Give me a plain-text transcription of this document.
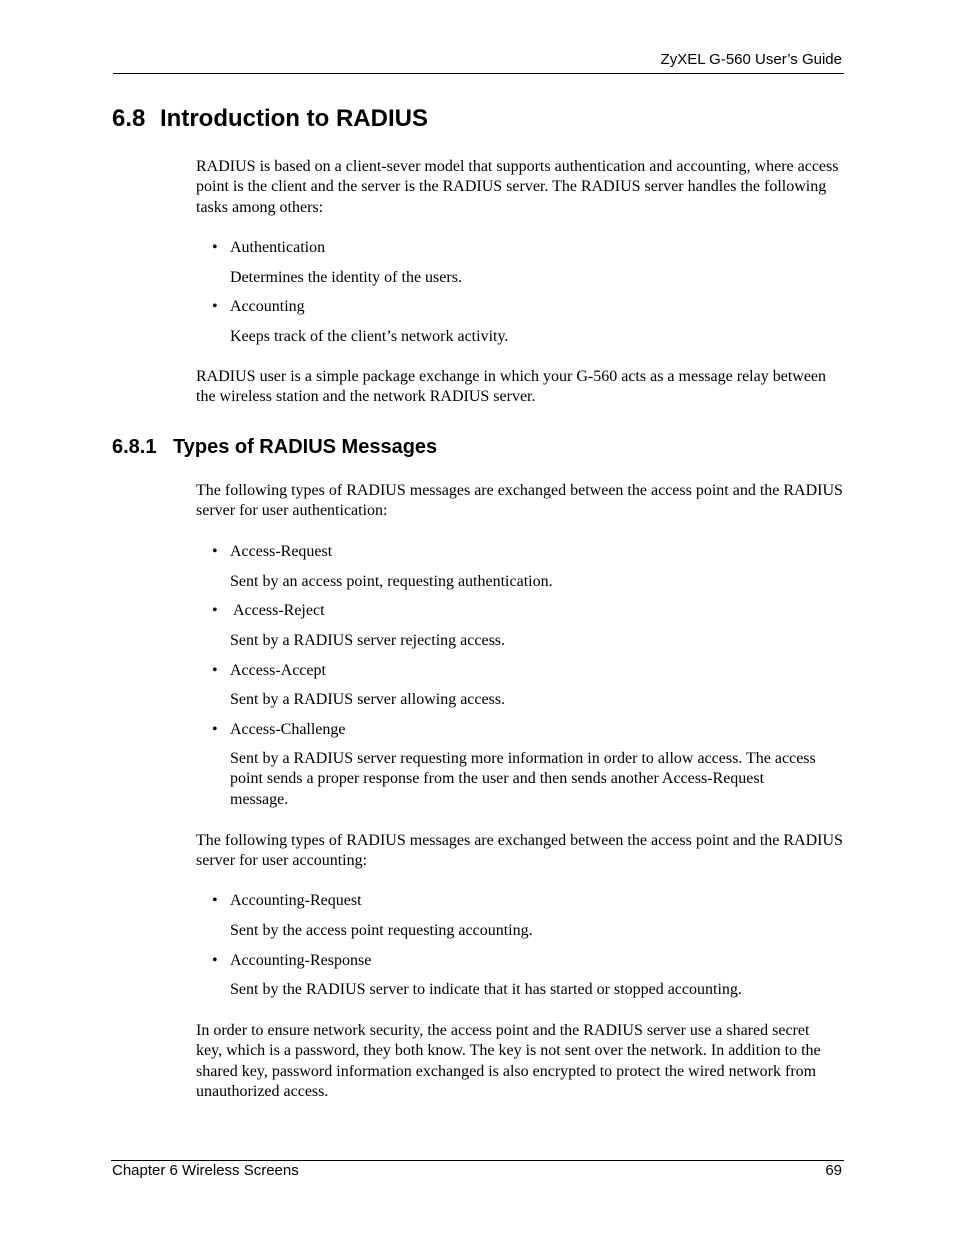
ZyXEL G-560 User’s Guide
6.8 Introduction to RADIUS

RADIUS is based on a client-sever model that supports authentication and accounting, where access point is the client and the server is the RADIUS server. The RADIUS server handles the following tasks among others:

• Authentication

Determines the identity of the users.

• Accounting

Keeps track of the client’s network activity.

RADIUS user is a simple package exchange in which your G-560 acts as a message relay between the wireless station and the network RADIUS server.

6.8.1 Types of RADIUS Messages

The following types of RADIUS messages are exchanged between the access point and the RADIUS server for user authentication:

• Access-Request

Sent by an access point, requesting authentication.

• Access-Reject

Sent by a RADIUS server rejecting access.

• Access-Accept

Sent by a RADIUS server allowing access.

• Access-Challenge

Sent by a RADIUS server requesting more information in order to allow access. The access point sends a proper response from the user and then sends another Access-Request message.

The following types of RADIUS messages are exchanged between the access point and the RADIUS server for user accounting:

• Accounting-Request

Sent by the access point requesting accounting.

• Accounting-Response

Sent by the RADIUS server to indicate that it has started or stopped accounting.

In order to ensure network security, the access point and the RADIUS server use a shared secret key, which is a password, they both know. The key is not sent over the network. In addition to the shared key, password information exchanged is also encrypted to protect the wired network from unauthorized access.

Chapter 6 Wireless Screens	69
